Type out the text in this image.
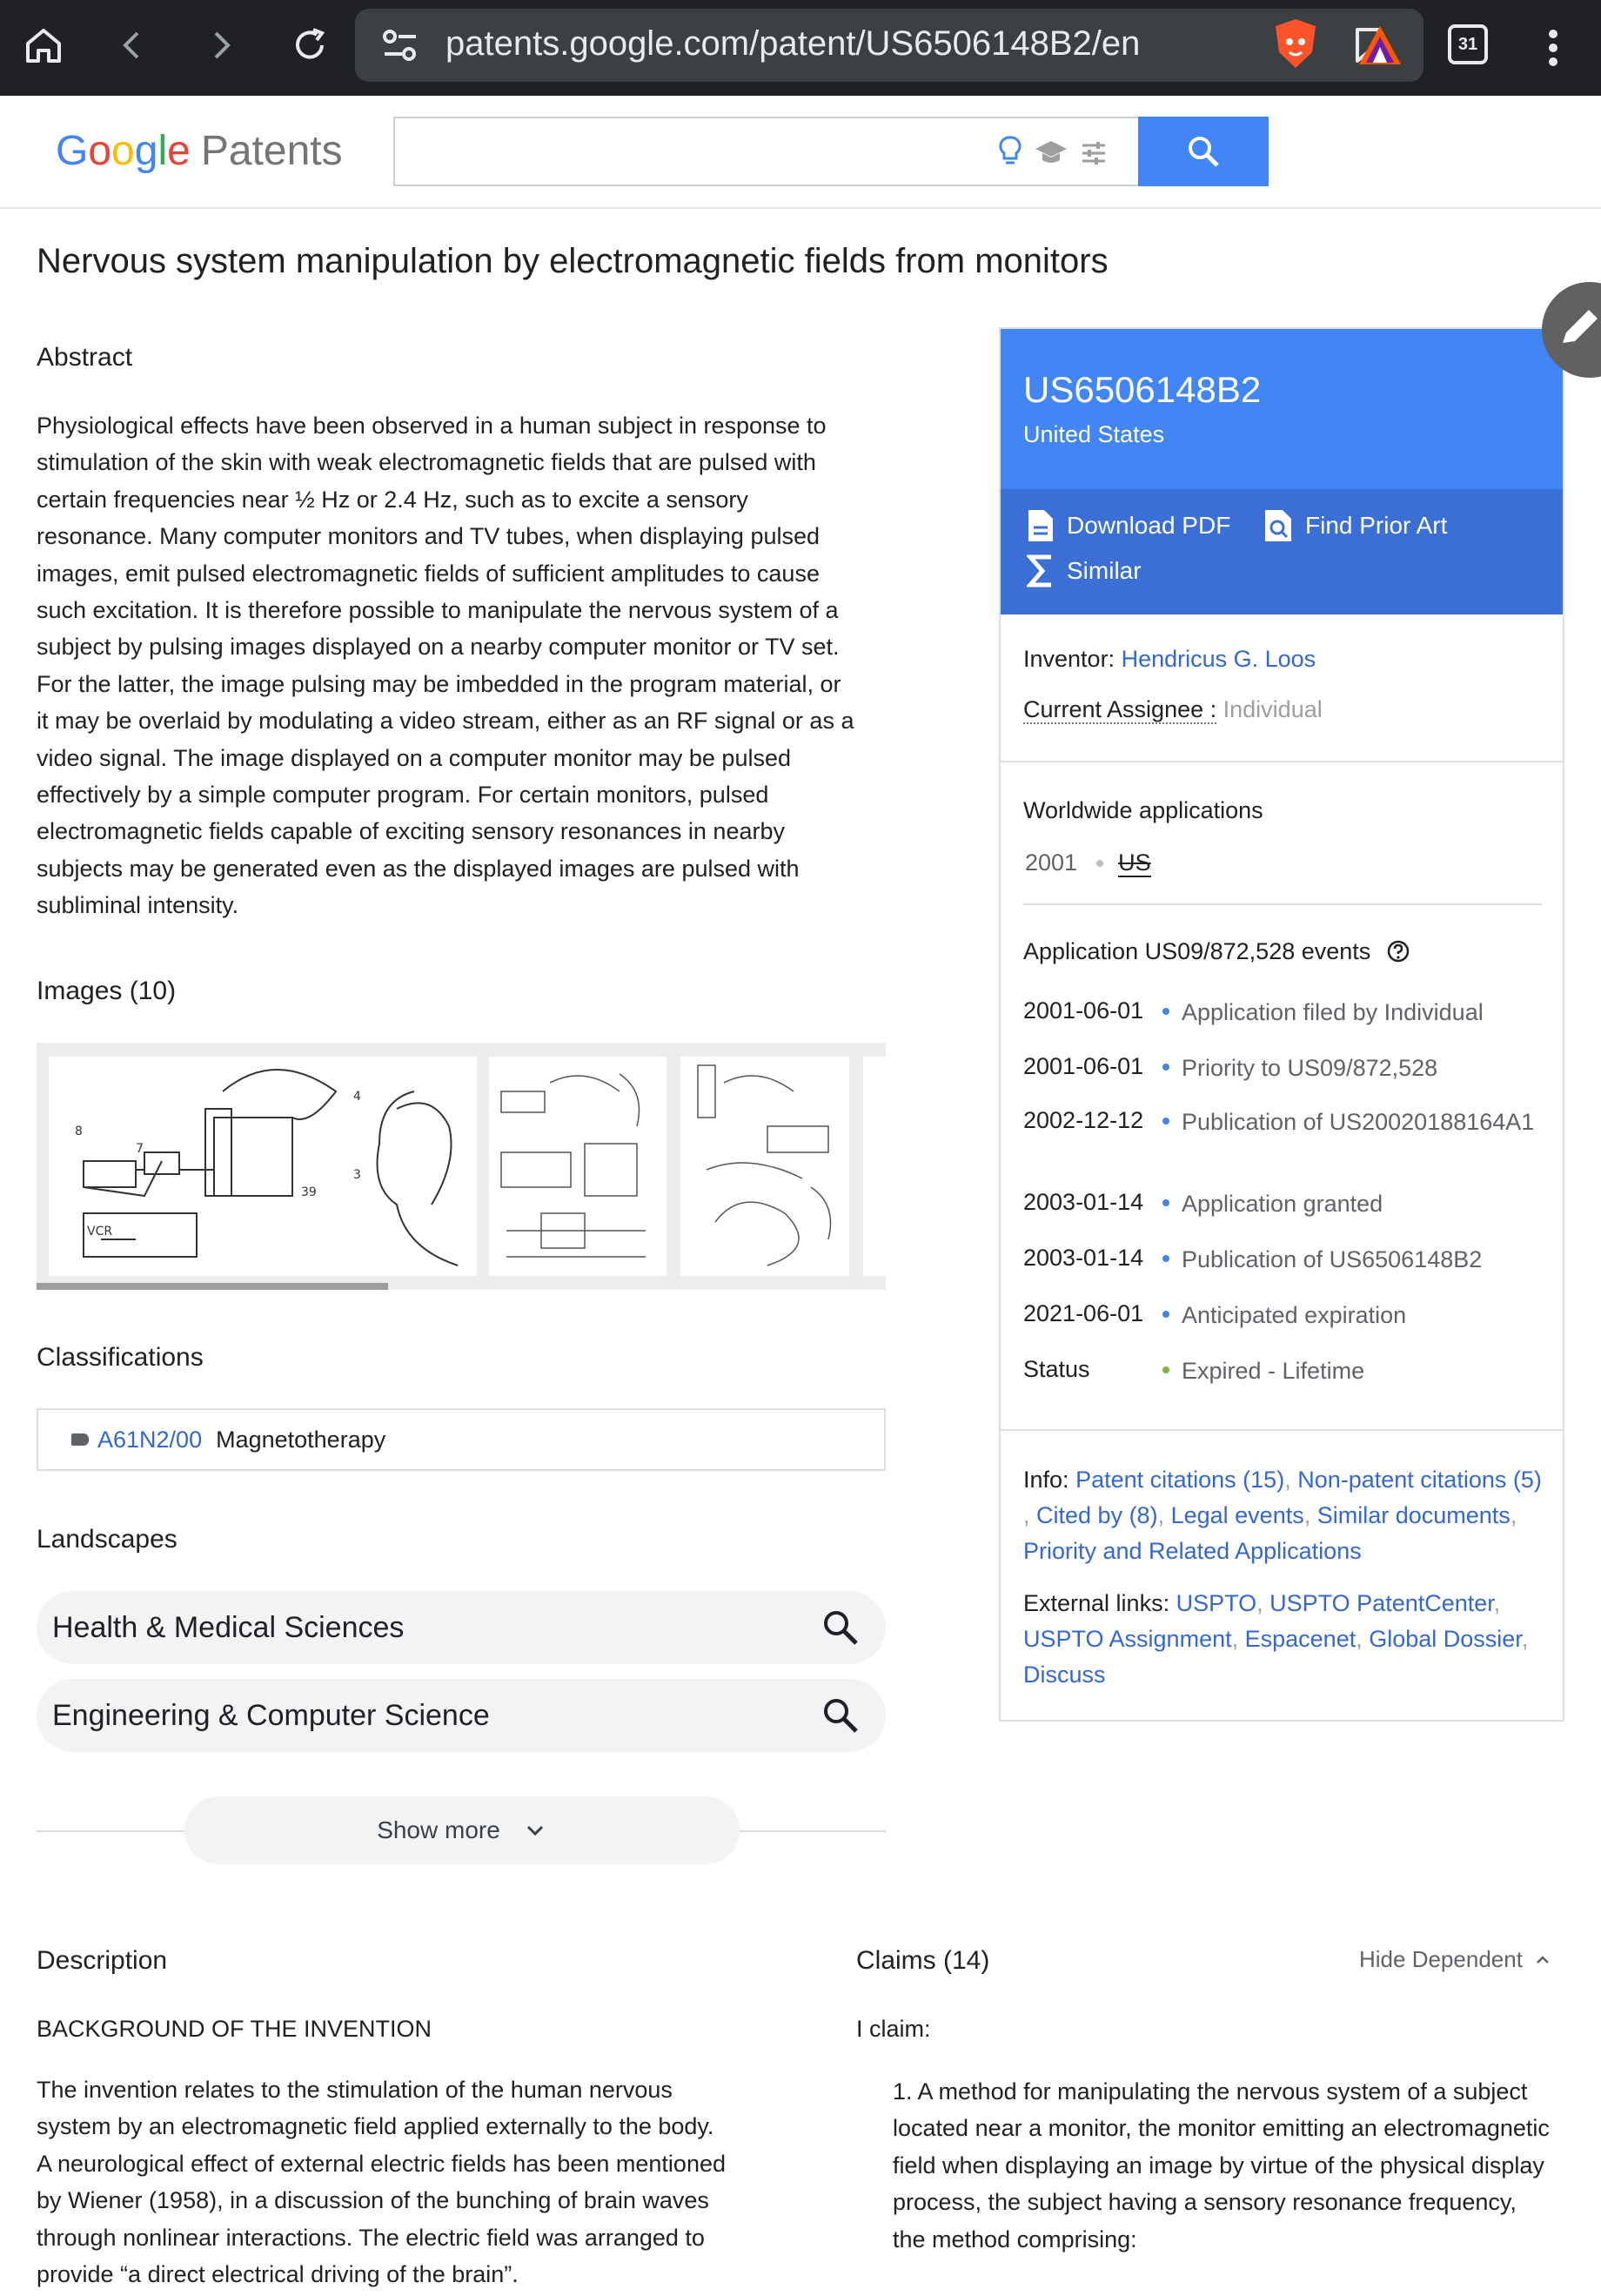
patents.google.com/patent/US6506148B2/en	31
Google Patents
Nervous system manipulation by electromagnetic fields from monitors
Abstract
Physiological effects have been observed in a human subject in response to stimulation of the skin with weak electromagnetic fields that are pulsed with certain frequencies near ½ Hz or 2.4 Hz, such as to excite a sensory resonance. Many computer monitors and TV tubes, when displaying pulsed images, emit pulsed electromagnetic fields of sufficient amplitudes to cause such excitation. It is therefore possible to manipulate the nervous system of a subject by pulsing images displayed on a nearby computer monitor or TV set. For the latter, the image pulsing may be imbedded in the program material, or it may be overlaid by modulating a video stream, either as an RF signal or as a video signal. The image displayed on a computer monitor may be pulsed effectively by a simple computer program. For certain monitors, pulsed electromagnetic fields capable of exciting sensory resonances in nearby subjects may be generated even as the displayed images are pulsed with subliminal intensity.
Images (10)
VCR
39
3
4
8
7
Classifications
A61N2/00 Magnetotherapy
Landscapes
Health & Medical Sciences
Engineering & Computer Science
Show more
US6506148B2
United States
Download PDF	Find Prior Art
Similar
Inventor: Hendricus G. Loos
Current Assignee : Individual
Worldwide applications
2001 US
Application US09/872,528 events
2001-06-01 Application filed by Individual
2001-06-01 Priority to US09/872,528
2002-12-12 Publication of US20020188164A1
2003-01-14 Application granted
2003-01-14 Publication of US6506148B2
2021-06-01 Anticipated expiration
Status	Expired - Lifetime
Info: Patent citations (15), Non-patent citations (5) , Cited by (8), Legal events, Similar documents, Priority and Related Applications
External links: USPTO, USPTO PatentCenter, USPTO Assignment, Espacenet, Global Dossier, Discuss
Description
BACKGROUND OF THE INVENTION
The invention relates to the stimulation of the human nervous system by an electromagnetic field applied externally to the body. A neurological effect of external electric fields has been mentioned by Wiener (1958), in a discussion of the bunching of brain waves through nonlinear interactions. The electric field was arranged to provide “a direct electrical driving of the brain”.
Claims (14)	Hide Dependent
I claim:
1. A method for manipulating the nervous system of a subject located near a monitor, the monitor emitting an electromagnetic field when displaying an image by virtue of the physical display process, the subject having a sensory resonance frequency, the method comprising:
